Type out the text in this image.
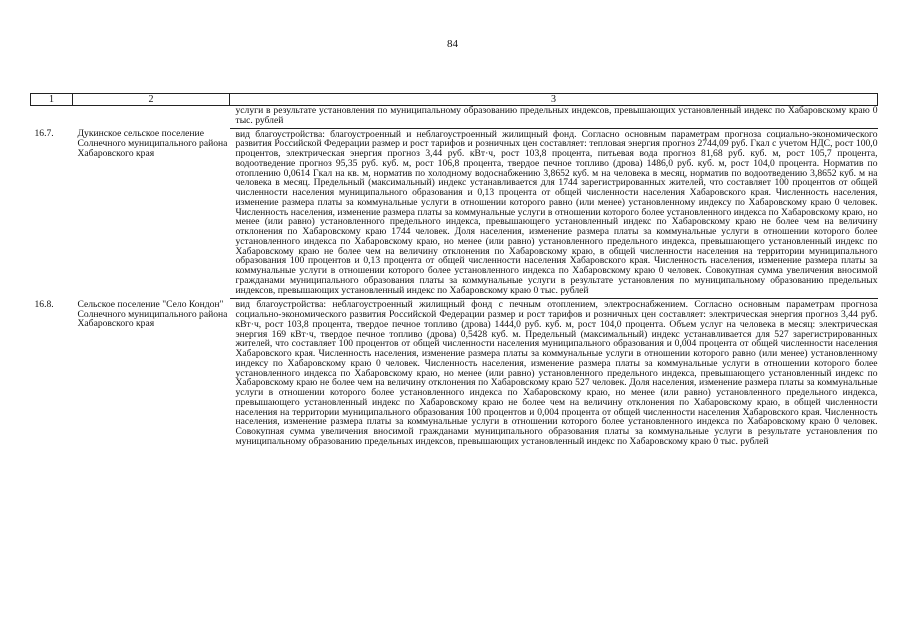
84
1	2	3
		услуги в результате установления по муниципальному образованию предельных индексов, превышающих установленный индекс по Хабаровскому краю 0 тыс. рублей
16.7.	Дукинское сельское поселение Солнечного муниципального района Хабаровского края	вид благоустройства: благоустроенный и неблагоустроенный жилищный фонд. Согласно основным параметрам прогноза социально-экономического развития Российской Федерации размер и рост тарифов и розничных цен составляет: тепловая энергия прогноз 2744,09 руб. Гкал с учетом НДС, рост 100,0 процентов, электрическая энергия прогноз 3,44 руб. кВт·ч, рост 103,8 процента, питьевая вода прогноз 81,68 руб. куб. м, рост 105,7 процента, водоотведение прогноз 95,35 руб. куб. м, рост 106,8 процента, твердое печное топливо (дрова) 1486,0 руб. куб. м, рост 104,0 процента. Норматив по отоплению 0,0614 Гкал на кв. м, норматив по холодному водоснабжению 3,8652 куб. м на человека в месяц, норматив по водоотведению 3,8652 куб. м на человека в месяц. Предельный (максимальный) индекс устанавливается для 1744 зарегистрированных жителей, что составляет 100 процентов от общей численности населения муниципального образования и 0,13 процента от общей численности населения Хабаровского края. Численность населения, изменение размера платы за коммунальные услуги в отношении которого равно (или менее) установленному индексу по Хабаровскому краю 0 человек. Численность населения, изменение размера платы за коммунальные услуги в отношении которого более установленного индекса по Хабаровскому краю, но менее (или равно) установленного предельного индекса, превышающего установленный индекс по Хабаровскому краю не более чем на величину отклонения по Хабаровскому краю 1744 человек. Доля населения, изменение размера платы за коммунальные услуги в отношении которого более установленного индекса по Хабаровскому краю, но менее (или равно) установленного предельного индекса, превышающего установленный индекс по Хабаровскому краю не более чем на величину отклонения по Хабаровскому краю, в общей численности населения на территории муниципального образования 100 процентов и 0,13 процента от общей численности населения Хабаровского края. Численность населения, изменение размера платы за коммунальные услуги в отношении которого более установленного индекса по Хабаровскому краю 0 человек. Совокупная сумма увеличения вносимой гражданами муниципального образования платы за коммунальные услуги в результате установления по муниципальному образованию предельных индексов, превышающих установленный индекс по Хабаровскому краю 0 тыс. рублей
16.8.	Сельское поселение "Село Кондон" Солнечного муниципального района Хабаровского края	вид благоустройства: неблагоустроенный жилищный фонд с печным отоплением, электроснабжением. Согласно основным параметрам прогноза социально-экономического развития Российской Федерации размер и рост тарифов и розничных цен составляет: электрическая энергия прогноз 3,44 руб. кВт·ч, рост 103,8 процента, твердое печное топливо (дрова) 1444,0 руб. куб. м, рост 104,0 процента. Объем услуг на человека в месяц: электрическая энергия 169 кВт·ч, твердое печное топливо (дрова) 0,5428 куб. м. Предельный (максимальный) индекс устанавливается для 527 зарегистрированных жителей, что составляет 100 процентов от общей численности населения муниципального образования и 0,004 процента от общей численности населения Хабаровского края. Численность населения, изменение размера платы за коммунальные услуги в отношении которого равно (или менее) установленному индексу по Хабаровскому краю 0 человек. Численность населения, изменение размера платы за коммунальные услуги в отношении которого более установленного индекса по Хабаровскому краю, но менее (или равно) установленного предельного индекса, превышающего установленный индекс по Хабаровскому краю не более чем на величину отклонения по Хабаровскому краю 527 человек. Доля населения, изменение размера платы за коммунальные услуги в отношении которого более установленного индекса по Хабаровскому краю, но менее (или равно) установленного предельного индекса, превышающего установленный индекс по Хабаровскому краю не более чем на величину отклонения по Хабаровскому краю, в общей численности населения на территории муниципального образования 100 процентов и 0,004 процента от общей численности населения Хабаровского края. Численность населения, изменение размера платы за коммунальные услуги в отношении которого более установленного индекса по Хабаровскому краю 0 человек. Совокупная сумма увеличения вносимой гражданами муниципального образования платы за коммунальные услуги в результате установления по муниципальному образованию предельных индексов, превышающих установленный индекс по Хабаровскому краю 0 тыс. рублей
